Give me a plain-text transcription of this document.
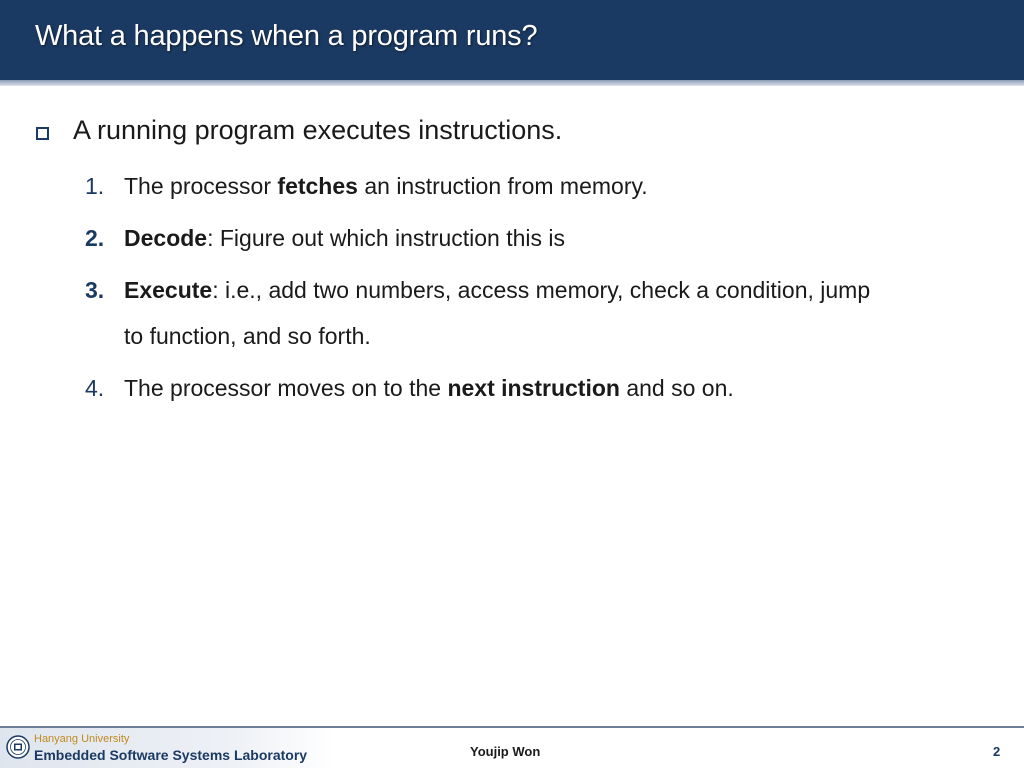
What a happens when a program runs?
A running program executes instructions.
1. The processor fetches an instruction from memory.
2. Decode: Figure out which instruction this is
3. Execute: i.e., add two numbers, access memory, check a condition, jump
to function, and so forth.
4. The processor moves on to the next instruction and so on.
Hanyang University
Embedded Software Systems Laboratory	Youjip Won	2
